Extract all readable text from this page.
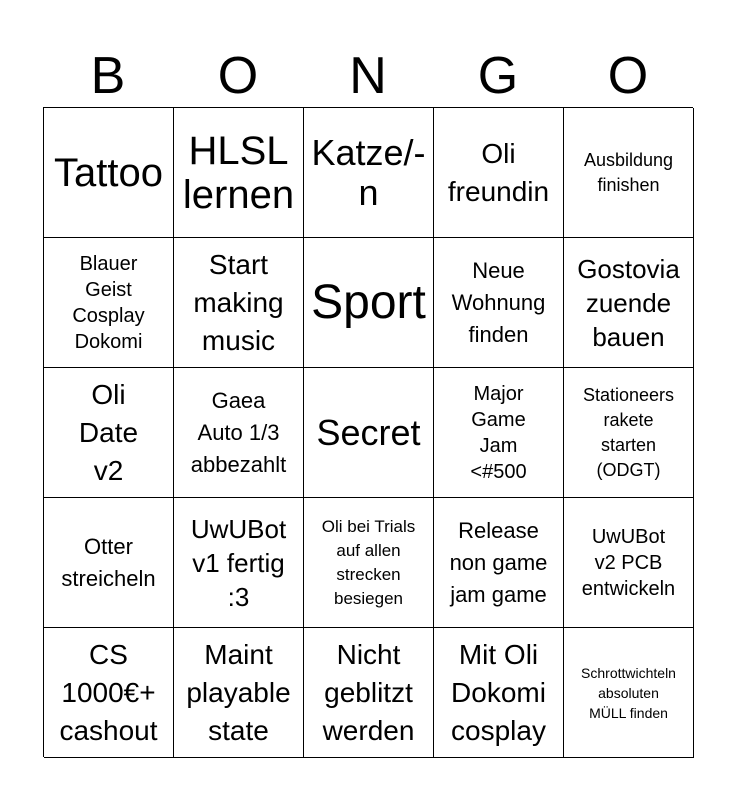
B	O	N	G	O
Tattoo HLSL
lernen
Katze/-
n
Oli
freundin
Ausbildung
finishen
Blauer
Geist
Cosplay
Dokomi
Start
making
music
Sport
Neue
Wohnung
finden
Gostovia
zuende
bauen
Oli
Date
v2
Gaea
Auto 1/3
abbezahlt
Secret
Major
Game
Jam
<#500
Stationeers
rakete
starten
(ODGT)
Otter
streicheln
UwUBot
v1 fertig
:3
Oli bei Trials
auf allen
strecken
besiegen
Release
non game
jam game
UwUBot
v2 PCB
entwickeln
CS
1000€+
cashout
Maint
playable
state
Nicht
geblitzt
werden
Mit Oli
Dokomi
cosplay
Schrottwichteln
absoluten
MÜLL finden
